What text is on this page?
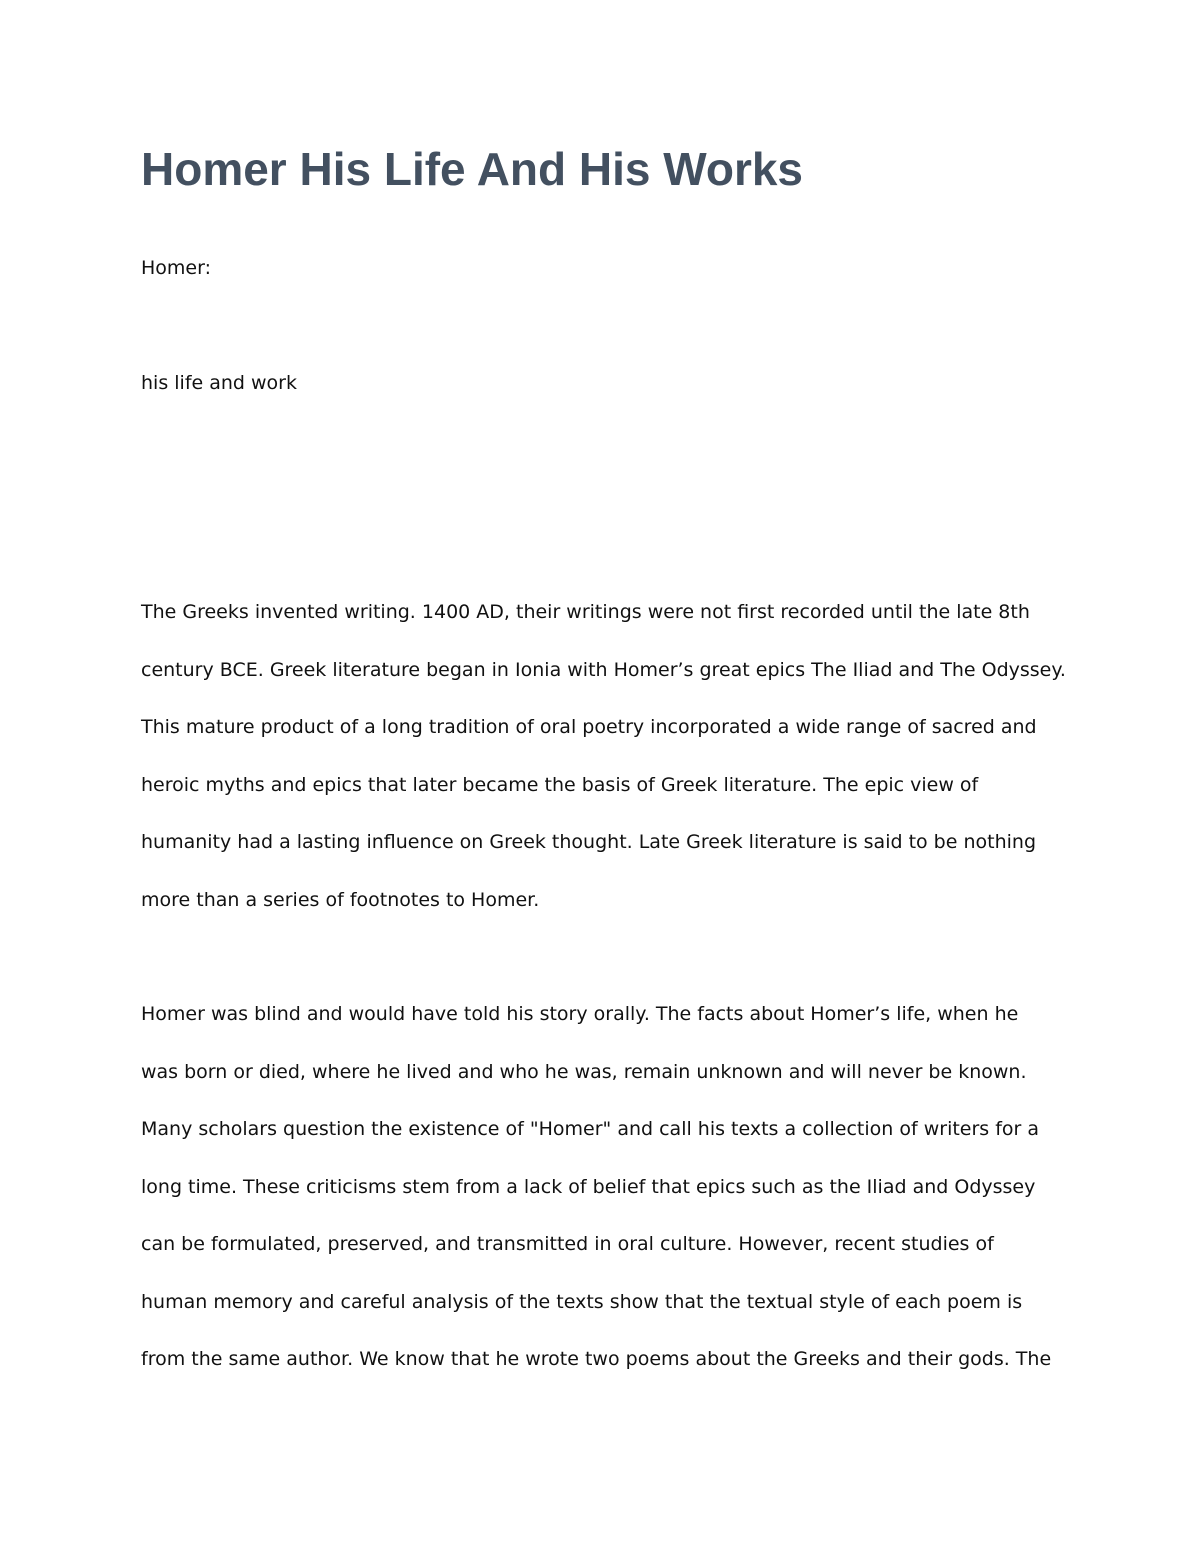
Homer His Life And His Works

Homer:

his life and work

The Greeks invented writing. 1400 AD, their writings were not first recorded until the late 8th
century BCE. Greek literature began in Ionia with Homer’s great epics The Iliad and The Odyssey.
This mature product of a long tradition of oral poetry incorporated a wide range of sacred and
heroic myths and epics that later became the basis of Greek literature. The epic view of
humanity had a lasting influence on Greek thought. Late Greek literature is said to be nothing
more than a series of footnotes to Homer.
Homer was blind and would have told his story orally. The facts about Homer’s life, when he
was born or died, where he lived and who he was, remain unknown and will never be known.
Many scholars question the existence of "Homer" and call his texts a collection of writers for a
long time. These criticisms stem from a lack of belief that epics such as the Iliad and Odyssey
can be formulated, preserved, and transmitted in oral culture. However, recent studies of
human memory and careful analysis of the texts show that the textual style of each poem is
from the same author. We know that he wrote two poems about the Greeks and their gods. The
